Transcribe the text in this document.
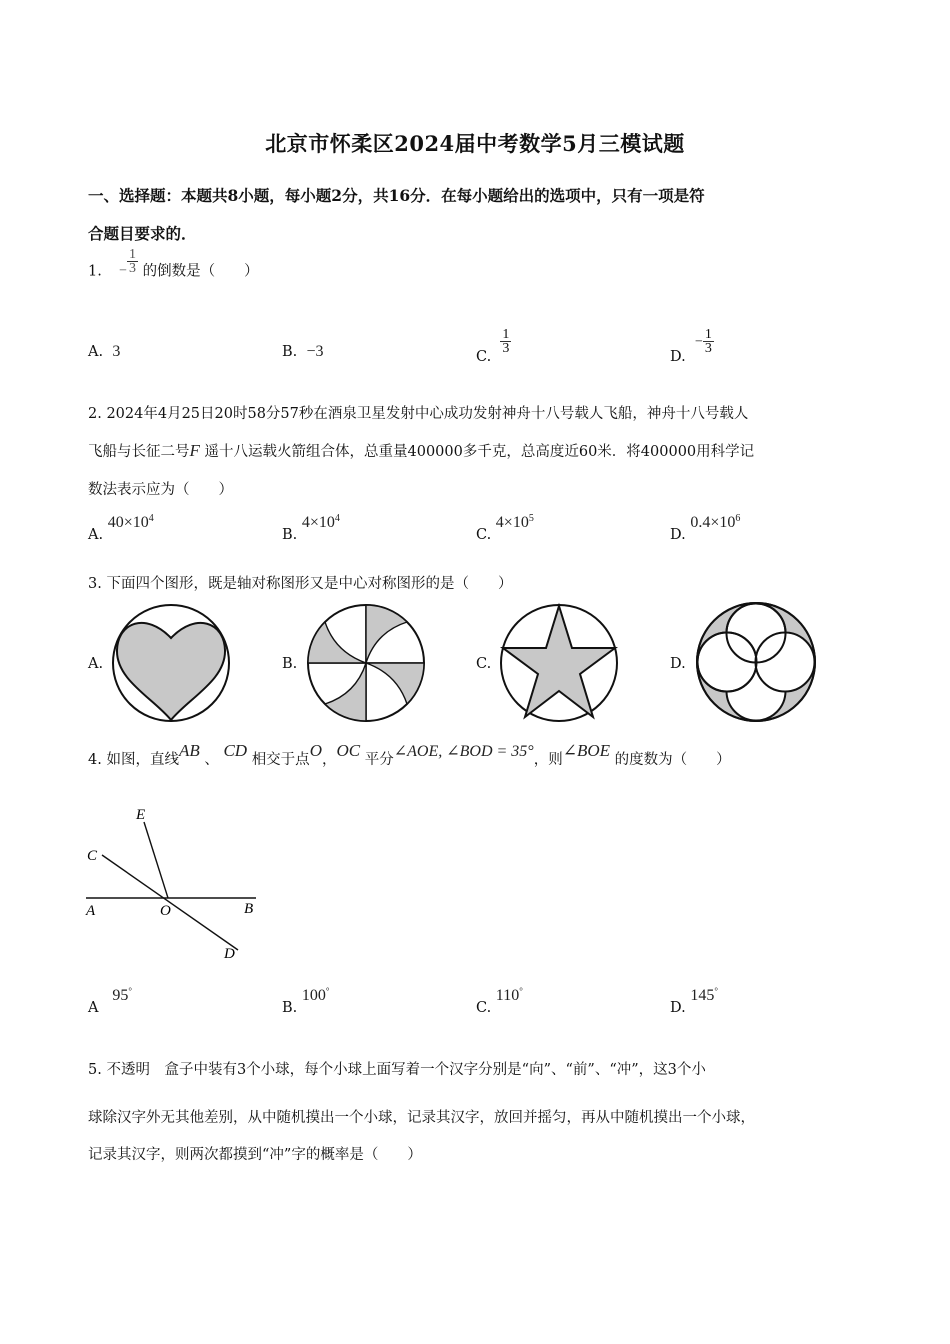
北京市怀柔区2024届中考数学5月三模试题
一、选择题：本题共8小题，每小题2分，共16分．在每小题给出的选项中，只有一项是符
合题目要求的．
1. − $\frac{1}{3}$ 的倒数是（　　）
A. 3	B. −3	C.
$\frac{1}{3}$
D.  − $\frac{1}{3}$
2. 2024年4月25日20时58分57秒在酒泉卫星发射中心成功发射神舟十八号载人飞船，神舟十八号载人
飞船与长征二号F 遥十八运载火箭组合体，总重量400000多千克，总高度近60米．将400000用科学记
数法表示应为（　　）
A. $40\times 10^4$
B. $4\times 10^4$
C. $4\times 10^5$
D. $0.4\times 10^6$
3. 下面四个图形，既是轴对称图形又是中心对称图形的是（　　）
A.	B.	C.	D.
4. 如图，直线AB 、 CD 相交于点O，OC 平分∠AOE, ∠BOD = 35°，则∠BOE 的度数为（　　）
E
C
A	O	B
D
A   95°
B. 100°
C. 110°
D. 145°
5. 不透明　盒子中装有3个小球，每个小球上面写着一个汉字分别是“向”、“前”、“冲”，这3个小
球除汉字外无其他差别，从中随机摸出一个小球，记录其汉字，放回并摇匀，再从中随机摸出一个小球，
记录其汉字，则两次都摸到“冲”字的概率是（　　）
